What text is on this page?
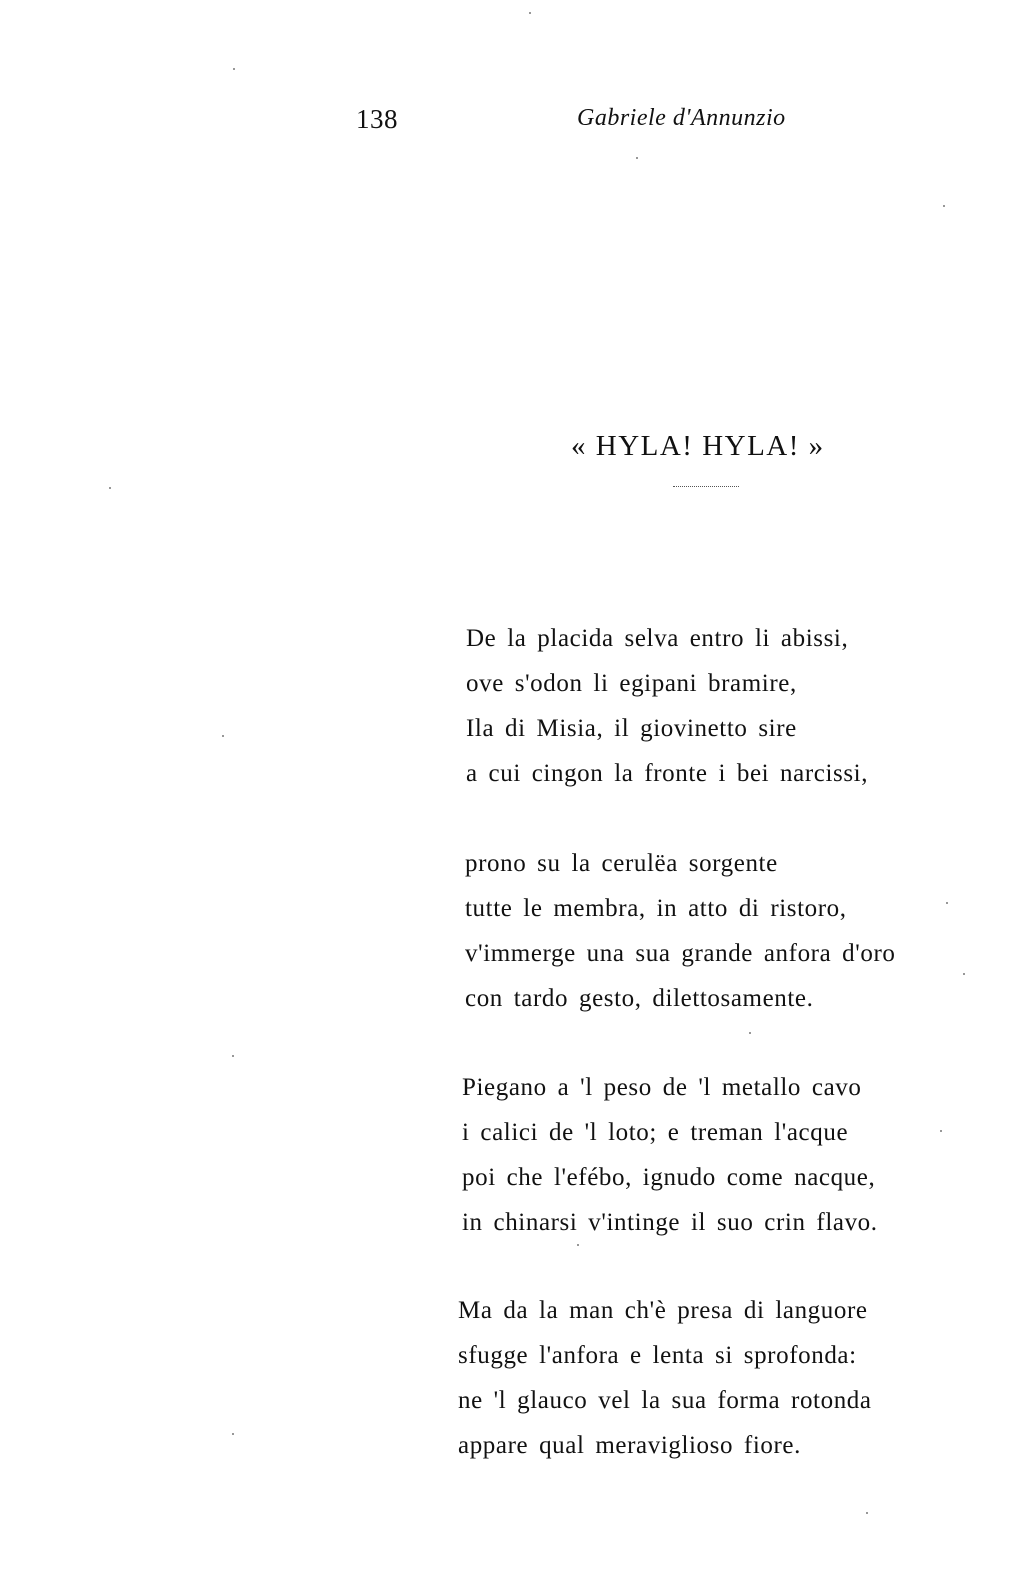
138	Gabriele d'Annunzio
« HYLA! HYLA! »
De la placida selva entro li abissi,
ove s'odon li egipani bramire,
Ila di Misia, il giovinetto sire
a cui cingon la fronte i bei narcissi,
prono su la cerulëa sorgente
tutte le membra, in atto di ristoro,
v'immerge una sua grande anfora d'oro
con tardo gesto, dilettosamente.
Piegano a 'l peso de 'l metallo cavo
i calici de 'l loto; e treman l'acque
poi che l'efébo, ignudo come nacque,
in chinarsi v'intinge il suo crin flavo.
Ma da la man ch'è presa di languore
sfugge l'anfora e lenta si sprofonda:
ne 'l glauco vel la sua forma rotonda
appare qual meraviglioso fiore.
